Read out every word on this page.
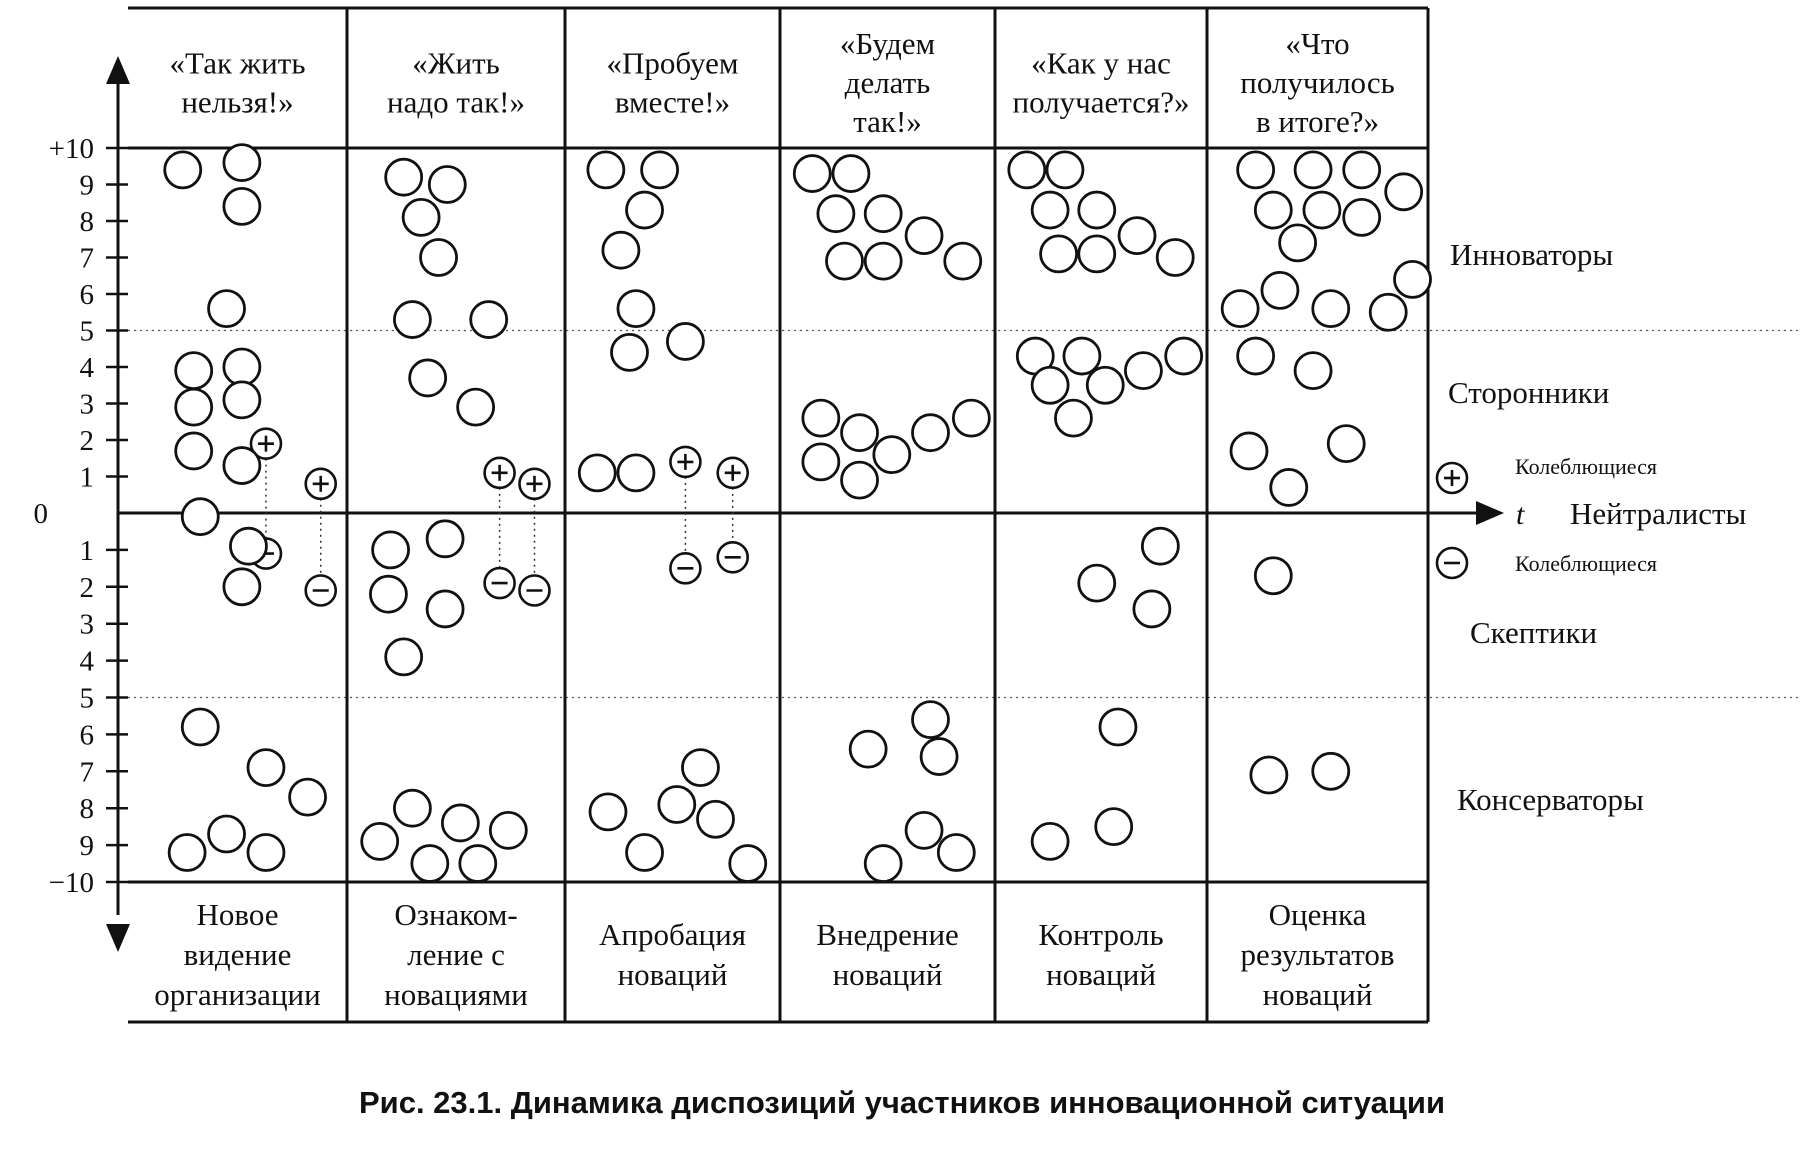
t
+10
9
8
7
6
5
4
3
2
1
1
2
3
4
5
6
7
8
9
−10
0
«Так жить нельзя!»
«Жить надо так!»
«Пробуем вместе!»
«Будем делать так!»
«Как у нас получается?»
«Что получилось в итоге?»
Новое видение организации
Ознаком-ление с новациями
Апробация новаций
Внедрение новаций
Контроль новаций
Оценка результатов новаций
Инноваторы
Сторонники
Колеблющиеся
Нейтралисты
Колеблющиеся
Скептики
Консерваторы
Рис. 23.1. Динамика диспозиций участников инновационной ситуации
